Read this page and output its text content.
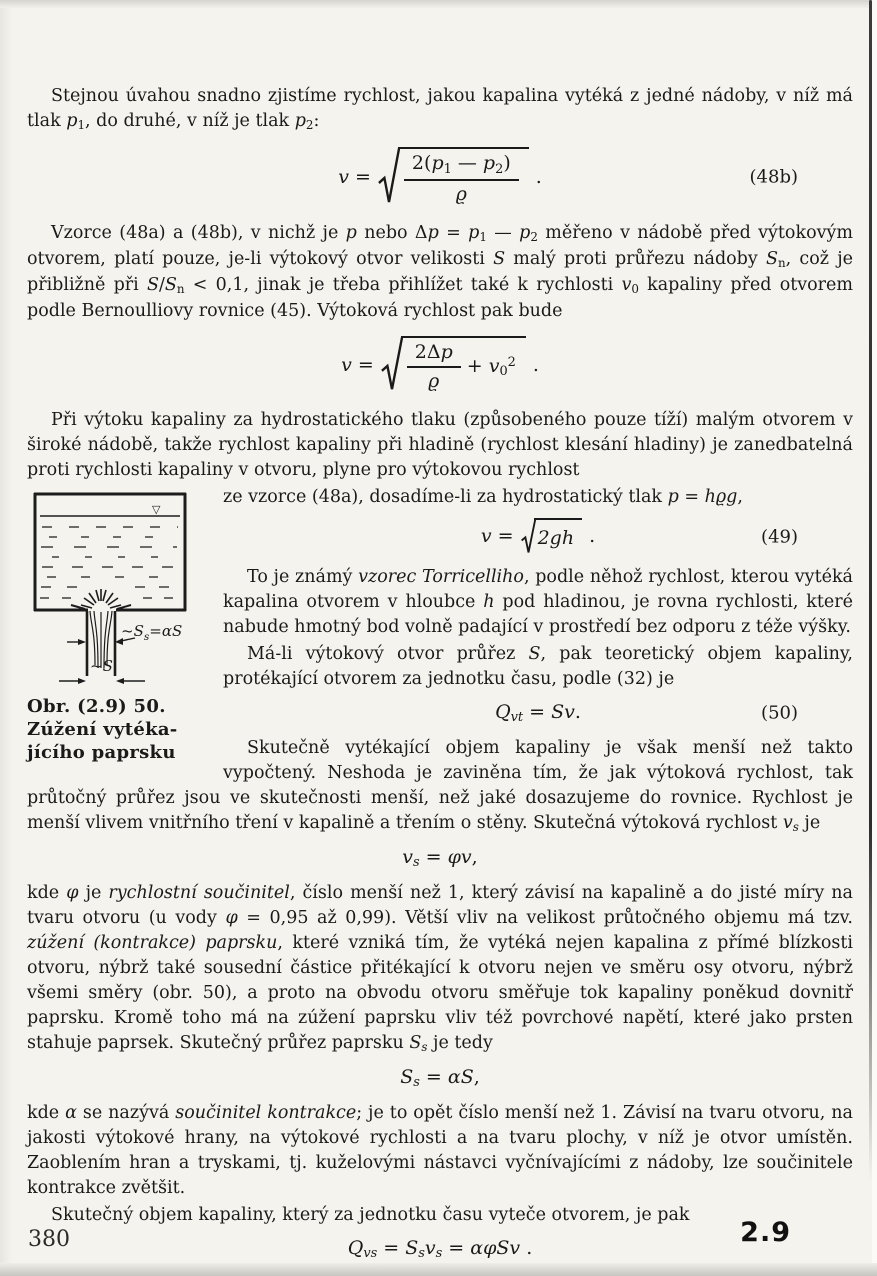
Stejnou úvahou snadno zjistíme rychlost, jakou kapalina vytéká z jedné nádoby, v níž má tlak p1, do druhé, v níž je tlak p2:

$v = \frac{2(p1 — p2)}{ϱ}$ .	(48b)

Vzorce (48a) a (48b), v nichž je p nebo Δp = p1 — p2 měřeno v nádobě před výtokovým otvorem, platí pouze, je-li výtokový otvor velikosti S malý proti průřezu nádoby Sn, což je přibližně při S/Sn < 0,1, jinak je třeba přihlížet také k rychlosti v0 kapaliny před otvorem podle Bernoulliovy rovnice (45). Výtoková rychlost pak bude

$v = \frac{2\Delta p}{ϱ} + v0^2$ .

Při výtoku kapaliny za hydrostatického tlaku (způsobeného pouze tíží) malým otvorem v široké nádobě, takže rychlost kapaliny při hladině (rychlost klesání hladiny) je zanedbatelná proti rychlosti kapaliny v otvoru, plyne pro výtokovou rychlost

▽
$\sim S_s=\alpha S$
~S
Obr. (2.9) 50.
Zúžení vytéka-
jícího paprsku

ze vzorce (48a), dosadíme-li za hydrostatický tlak p = hϱg,

v = 2gh .	(49)

To je známý vzorec Torricelliho, podle něhož rychlost, kterou vytéká kapalina otvorem v hloubce h pod hladinou, je rovna rychlosti, které nabude hmotný bod volně padající v prostředí bez odporu z téže výšky.

Má-li výtokový otvor průřez S, pak teoretický objem kapaliny, protékající otvorem za jednotku času, podle (32) je

Qvt = Sv.	(50)

Skutečně vytékající objem kapaliny je však menší než takto vypočtený. Neshoda je zaviněna tím, že jak výtoková rychlost, tak průtočný průřez jsou ve skutečnosti menší, než jaké dosazujeme do rovnice. Rychlost je menší vlivem vnitřního tření v kapalině a třením o stěny. Skutečná výtoková rychlost vs je

vs = φv,

kde φ je rychlostní součinitel, číslo menší než 1, který závisí na kapalině a do jisté míry na tvaru otvoru (u vody φ = 0,95 až 0,99). Větší vliv na velikost průtočného objemu má tzv. zúžení (kontrakce) paprsku, které vzniká tím, že vytéká nejen kapalina z přímé blízkosti otvoru, nýbrž také sousední částice přitékající k otvoru nejen ve směru osy otvoru, nýbrž všemi směry (obr. 50), a proto na obvodu otvoru směřuje tok kapaliny poněkud dovnitř paprsku. Kromě toho má na zúžení paprsku vliv též povrchové napětí, které jako prsten stahuje paprsek. Skutečný průřez paprsku Ss je tedy

Ss = αS,

kde α se nazývá součinitel kontrakce; je to opět číslo menší než 1. Závisí na tvaru otvoru, na jakosti výtokové hrany, na výtokové rychlosti a na tvaru plochy, v níž je otvor umístěn. Zaoblením hran a tryskami, tj. kuželovými nástavci vyčnívajícími z nádoby, lze součinitele kontrakce zvětšit.

Skutečný objem kapaliny, který za jednotku času vyteče otvorem, je pak

Qvs = Ssvs = αφSv .
380	2.9
